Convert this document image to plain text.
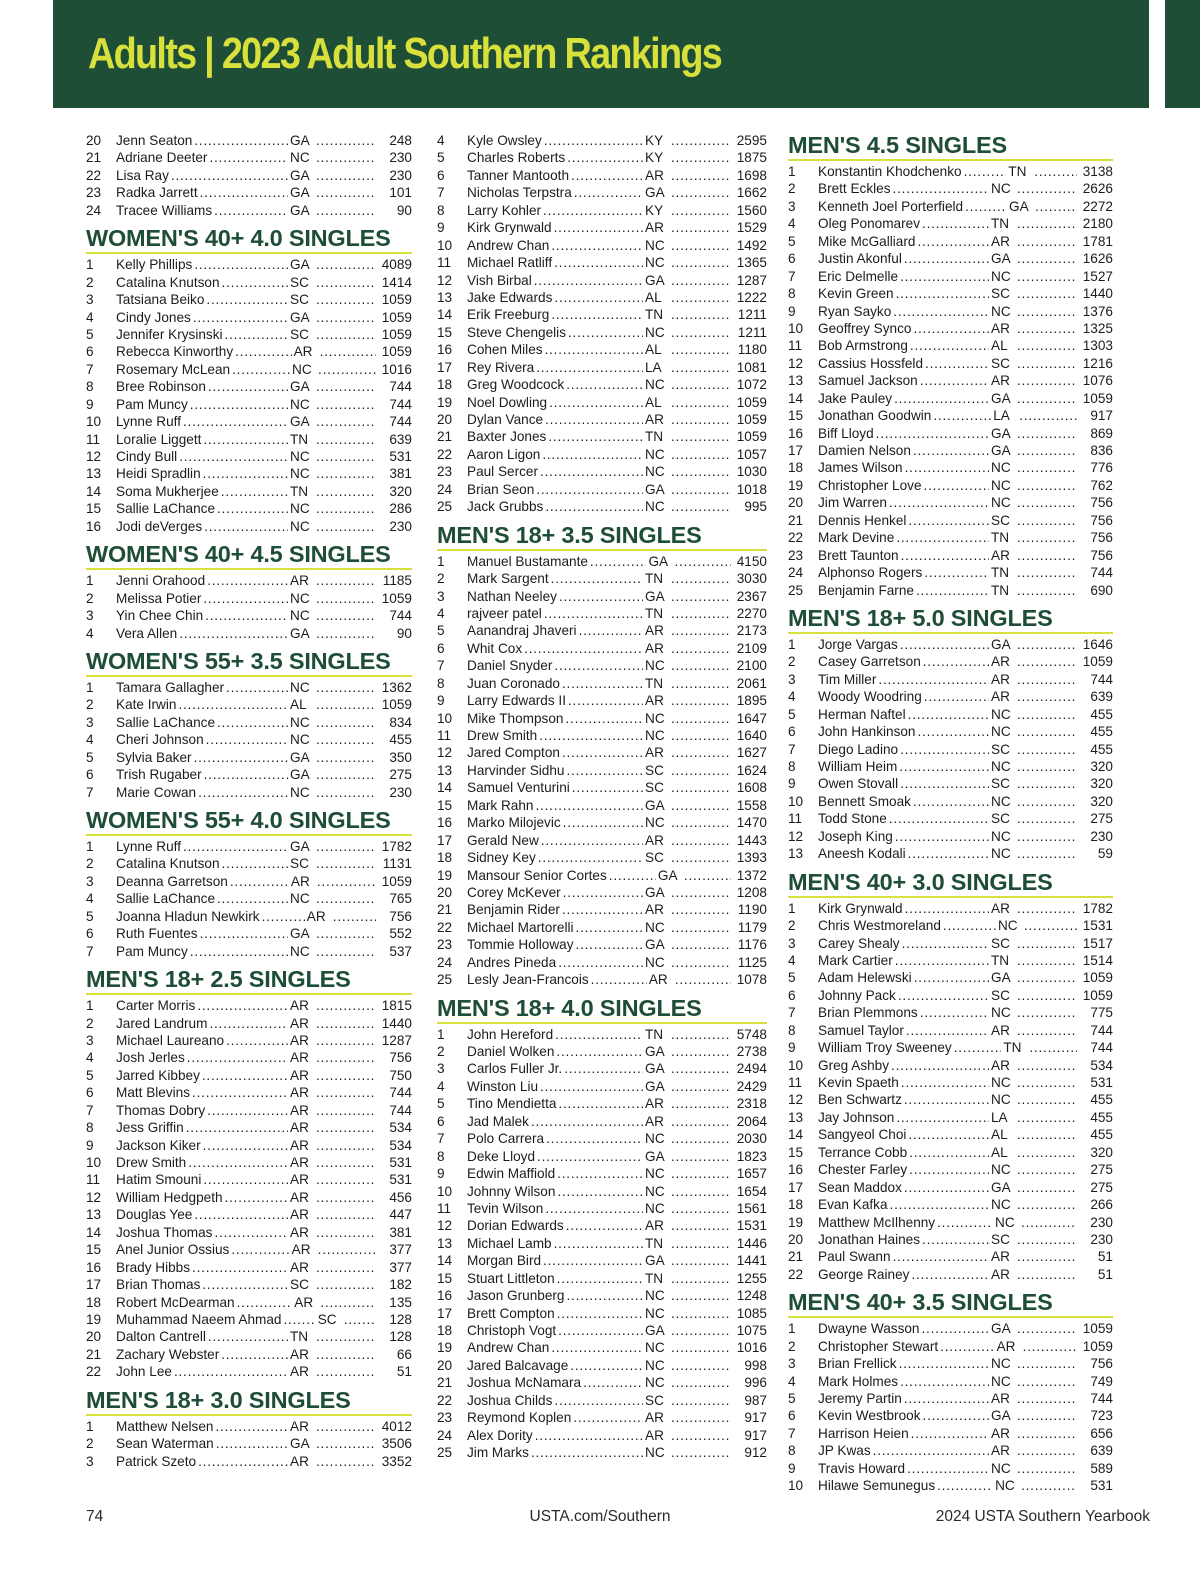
Adults | 2023 Adult Southern Rankings
20	Jenn Seaton . . .	GA . . .	248
21	Adriane Deeter . . .	NC . . .	230
22	Lisa Ray . . .	GA . . .	230
23	Radka Jarrett . . .	GA . . .	101
24	Tracee Williams . . .	GA . . .	90
WOMEN'S 40+ 4.0 SINGLES
1	Kelly Phillips . . .	GA . . .	4089
2	Catalina Knutson . . .	SC . . .	1414
3	Tatsiana Beiko . . .	SC . . .	1059
4	Cindy Jones . . .	GA . . .	1059
5	Jennifer Krysinski . . .	SC . . .	1059
6	Rebecca Kinworthy . . .	AR . . .	1059
7	Rosemary McLean . . .	NC . . .	1016
8	Bree Robinson . . .	GA . . .	744
9	Pam Muncy . . .	NC . . .	744
10	Lynne Ruff . . .	GA . . .	744
11	Loralie Liggett . . .	TN . . .	639
12	Cindy Bull . . .	NC . . .	531
13	Heidi Spradlin . . .	NC . . .	381
14	Soma Mukherjee . . .	TN . . .	320
15	Sallie LaChance . . .	NC . . .	286
16	Jodi deVerges . . .	NC . . .	230
WOMEN'S 40+ 4.5 SINGLES
1	Jenni Orahood . . .	AR . . .	1185
2	Melissa Potier . . .	NC . . .	1059
3	Yin Chee Chin . . .	NC . . .	744
4	Vera Allen . . .	GA . . .	90
WOMEN'S 55+ 3.5 SINGLES
1	Tamara Gallagher . . .	NC . . .	1362
2	Kate Irwin . . .	AL . . .	1059
3	Sallie LaChance . . .	NC . . .	834
4	Cheri Johnson . . .	NC . . .	455
5	Sylvia Baker . . .	GA . . .	350
6	Trish Rugaber . . .	GA . . .	275
7	Marie Cowan . . .	NC . . .	230
WOMEN'S 55+ 4.0 SINGLES
1	Lynne Ruff . . .	GA . . .	1782
2	Catalina Knutson . . .	SC . . .	1131
3	Deanna Garretson . . .	AR . . .	1059
4	Sallie LaChance . . .	NC . . .	765
5	Joanna Hladun Newkirk . . .	AR . . .	756
6	Ruth Fuentes . . .	GA . . .	552
7	Pam Muncy . . .	NC . . .	537
MEN'S 18+ 2.5 SINGLES
1	Carter Morris . . .	AR . . .	1815
2	Jared Landrum . . .	AR . . .	1440
3	Michael Laureano . . .	AR . . .	1287
4	Josh Jerles . . .	AR . . .	756
5	Jarred Kibbey . . .	AR . . .	750
6	Matt Blevins . . .	AR . . .	744
7	Thomas Dobry . . .	AR . . .	744
8	Jess Griffin . . .	AR . . .	534
9	Jackson Kiker . . .	AR . . .	534
10	Drew Smith . . .	AR . . .	531
11	Hatim Smouni . . .	AR . . .	531
12	William Hedgpeth . . .	AR . . .	456
13	Douglas Yee . . .	AR . . .	447
14	Joshua Thomas . . .	AR . . .	381
15	Anel Junior Ossius . . .	AR . . .	377
16	Brady Hibbs . . .	AR . . .	377
17	Brian Thomas . . .	SC . . .	182
18	Robert McDearman . . .	AR . . .	135
19	Muhammad Naeem Ahmad . . .	SC . . .	128
20	Dalton Cantrell . . .	TN . . .	128
21	Zachary Webster . . .	AR . . .	66
22	John Lee . . .	AR . . .	51
MEN'S 18+ 3.0 SINGLES
1	Matthew Nelsen . . .	AR . . .	4012
2	Sean Waterman . . .	GA . . .	3506
3	Patrick Szeto . . .	AR . . .	3352
4	Kyle Owsley . . .	KY . . .	2595
5	Charles Roberts . . .	KY . . .	1875
6	Tanner Mantooth . . .	AR . . .	1698
7	Nicholas Terpstra . . .	GA . . .	1662
8	Larry Kohler . . .	KY . . .	1560
9	Kirk Grynwald . . .	AR . . .	1529
10	Andrew Chan . . .	NC . . .	1492
11	Michael Ratliff . . .	NC . . .	1365
12	Vish Birbal . . .	GA . . .	1287
13	Jake Edwards . . .	AL . . .	1222
14	Erik Freeburg . . .	TN . . .	1211
15	Steve Chengelis . . .	NC . . .	1211
16	Cohen Miles . . .	AL . . .	1180
17	Rey Rivera . . .	LA . . .	1081
18	Greg Woodcock . . .	NC . . .	1072
19	Noel Dowling . . .	AL . . .	1059
20	Dylan Vance . . .	AR . . .	1059
21	Baxter Jones . . .	TN . . .	1059
22	Aaron Ligon . . .	NC . . .	1057
23	Paul Sercer . . .	NC . . .	1030
24	Brian Seon . . .	GA . . .	1018
25	Jack Grubbs . . .	NC . . .	995
MEN'S 18+ 3.5 SINGLES
1	Manuel Bustamante . . .	GA . . .	4150
2	Mark Sargent . . .	TN . . .	3030
3	Nathan Neeley . . .	GA . . .	2367
4	rajveer patel . . .	TN . . .	2270
5	Aanandraj Jhaveri . . .	AR . . .	2173
6	Whit Cox . . .	AR . . .	2109
7	Daniel Snyder . . .	NC . . .	2100
8	Juan Coronado . . .	TN . . .	2061
9	Larry Edwards II . . .	AR . . .	1895
10	Mike Thompson . . .	NC . . .	1647
11	Drew Smith . . .	NC . . .	1640
12	Jared Compton . . .	AR . . .	1627
13	Harvinder Sidhu . . .	SC . . .	1624
14	Samuel Venturini . . .	SC . . .	1608
15	Mark Rahn . . .	GA . . .	1558
16	Marko Milojevic . . .	NC . . .	1470
17	Gerald New . . .	AR . . .	1443
18	Sidney Key . . .	SC . . .	1393
19	Mansour Senior Cortes . . .	GA . . .	1372
20	Corey McKever . . .	GA . . .	1208
21	Benjamin Rider . . .	AR . . .	1190
22	Michael Martorelli . . .	NC . . .	1179
23	Tommie Holloway . . .	GA . . .	1176
24	Andres Pineda . . .	NC . . .	1125
25	Lesly Jean-Francois . . .	AR . . .	1078
MEN'S 18+ 4.0 SINGLES
1	John Hereford . . .	TN . . .	5748
2	Daniel Wolken . . .	GA . . .	2738
3	Carlos Fuller Jr. . . .	GA . . .	2494
4	Winston Liu . . .	GA . . .	2429
5	Tino Mendietta . . .	AR . . .	2318
6	Jad Malek . . .	AR . . .	2064
7	Polo Carrera . . .	NC . . .	2030
8	Deke Lloyd . . .	GA . . .	1823
9	Edwin Maffiold . . .	NC . . .	1657
10	Johnny Wilson . . .	NC . . .	1654
11	Tevin Wilson . . .	NC . . .	1561
12	Dorian Edwards . . .	AR . . .	1531
13	Michael Lamb . . .	TN . . .	1446
14	Morgan Bird . . .	GA . . .	1441
15	Stuart Littleton . . .	TN . . .	1255
16	Jason Grunberg . . .	NC . . .	1248
17	Brett Compton . . .	NC . . .	1085
18	Christoph Vogt . . .	GA . . .	1075
19	Andrew Chan . . .	NC . . .	1016
20	Jared Balcavage . . .	NC . . .	998
21	Joshua McNamara . . .	NC . . .	996
22	Joshua Childs . . .	SC . . .	987
23	Reymond Koplen . . .	AR . . .	917
24	Alex Dority . . .	AR . . .	917
25	Jim Marks . . .	NC . . .	912
MEN'S 4.5 SINGLES
1	Konstantin Khodchenko . . .	TN . . .	3138
2	Brett Eckles . . .	NC . . .	2626
3	Kenneth Joel Porterfield . . .	GA . . .	2272
4	Oleg Ponomarev . . .	TN . . .	2180
5	Mike McGalliard . . .	AR . . .	1781
6	Justin Akonful . . .	GA . . .	1626
7	Eric Delmelle . . .	NC . . .	1527
8	Kevin Green . . .	SC . . .	1440
9	Ryan Sayko . . .	NC . . .	1376
10	Geoffrey Synco . . .	AR . . .	1325
11	Bob Armstrong . . .	AL . . .	1303
12	Cassius Hossfeld . . .	SC . . .	1216
13	Samuel Jackson . . .	AR . . .	1076
14	Jake Pauley . . .	GA . . .	1059
15	Jonathan Goodwin . . .	LA . . .	917
16	Biff Lloyd . . .	GA . . .	869
17	Damien Nelson . . .	GA . . .	836
18	James Wilson . . .	NC . . .	776
19	Christopher Love . . .	NC . . .	762
20	Jim Warren . . .	NC . . .	756
21	Dennis Henkel . . .	SC . . .	756
22	Mark Devine . . .	TN . . .	756
23	Brett Taunton . . .	AR . . .	756
24	Alphonso Rogers . . .	TN . . .	744
25	Benjamin Farne . . .	TN . . .	690
MEN'S 18+ 5.0 SINGLES
1	Jorge Vargas . . .	GA . . .	1646
2	Casey Garretson . . .	AR . . .	1059
3	Tim Miller . . .	AR . . .	744
4	Woody Woodring . . .	AR . . .	639
5	Herman Naftel . . .	NC . . .	455
6	John Hankinson . . .	NC . . .	455
7	Diego Ladino . . .	SC . . .	455
8	William Heim . . .	NC . . .	320
9	Owen Stovall . . .	SC . . .	320
10	Bennett Smoak . . .	NC . . .	320
11	Todd Stone . . .	SC . . .	275
12	Joseph King . . .	NC . . .	230
13	Aneesh Kodali . . .	NC . . .	59
MEN'S 40+ 3.0 SINGLES
1	Kirk Grynwald . . .	AR . . .	1782
2	Chris Westmoreland . . .	NC . . .	1531
3	Carey Shealy . . .	SC . . .	1517
4	Mark Cartier . . .	TN . . .	1514
5	Adam Helewski . . .	GA . . .	1059
6	Johnny Pack . . .	SC . . .	1059
7	Brian Plemmons . . .	NC . . .	775
8	Samuel Taylor . . .	AR . . .	744
9	William Troy Sweeney . . .	TN . . .	744
10	Greg Ashby . . .	AR . . .	534
11	Kevin Spaeth . . .	NC . . .	531
12	Ben Schwartz . . .	NC . . .	455
13	Jay Johnson . . .	LA . . .	455
14	Sangyeol Choi . . .	AL . . .	455
15	Terrance Cobb . . .	AL . . .	320
16	Chester Farley . . .	NC . . .	275
17	Sean Maddox . . .	GA . . .	275
18	Evan Kafka . . .	NC . . .	266
19	Matthew McIlhenny . . .	NC . . .	230
20	Jonathan Haines . . .	SC . . .	230
21	Paul Swann . . .	AR . . .	51
22	George Rainey . . .	AR . . .	51
MEN'S 40+ 3.5 SINGLES
1	Dwayne Wasson . . .	GA . . .	1059
2	Christopher Stewart . . .	AR . . .	1059
3	Brian Frellick . . .	NC . . .	756
4	Mark Holmes . . .	NC . . .	749
5	Jeremy Partin . . .	AR . . .	744
6	Kevin Westbrook . . .	GA . . .	723
7	Harrison Heien . . .	AR . . .	656
8	JP Kwas . . .	AR . . .	639
9	Travis Howard . . .	NC . . .	589
10	Hilawe Semunegus . . .	NC . . .	531
74	USTA.com/Southern	2024 USTA Southern Yearbook
